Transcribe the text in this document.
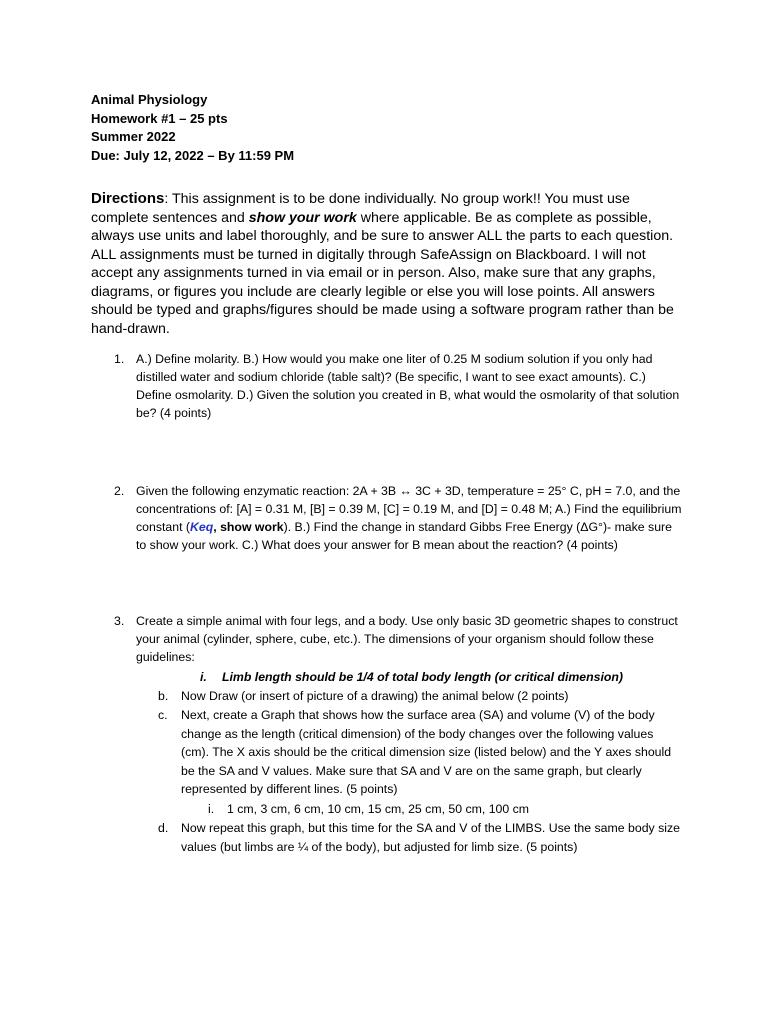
Animal Physiology
Homework #1 – 25 pts
Summer 2022
Due: July 12, 2022 – By 11:59 PM
Directions: This assignment is to be done individually. No group work!! You must use complete sentences and show your work where applicable. Be as complete as possible, always use units and label thoroughly, and be sure to answer ALL the parts to each question. ALL assignments must be turned in digitally through SafeAssign on Blackboard. I will not accept any assignments turned in via email or in person. Also, make sure that any graphs, diagrams, or figures you include are clearly legible or else you will lose points. All answers should be typed and graphs/figures should be made using a software program rather than be hand-drawn.
1. A.) Define molarity. B.) How would you make one liter of 0.25 M sodium solution if you only had distilled water and sodium chloride (table salt)? (Be specific, I want to see exact amounts). C.) Define osmolarity. D.) Given the solution you created in B, what would the osmolarity of that solution be? (4 points)
2. Given the following enzymatic reaction: 2A + 3B ↔ 3C + 3D, temperature = 25° C, pH = 7.0, and the concentrations of: [A] = 0.31 M, [B] = 0.39 M, [C] = 0.19 M, and [D] = 0.48 M; A.) Find the equilibrium constant (Keq, show work). B.) Find the change in standard Gibbs Free Energy (ΔG°)- make sure to show your work. C.) What does your answer for B mean about the reaction? (4 points)
3. Create a simple animal with four legs, and a body. Use only basic 3D geometric shapes to construct your animal (cylinder, sphere, cube, etc.). The dimensions of your organism should follow these guidelines:
i. Limb length should be 1/4 of total body length (or critical dimension)
b. Now Draw (or insert of picture of a drawing) the animal below (2 points)
c. Next, create a Graph that shows how the surface area (SA) and volume (V) of the body change as the length (critical dimension) of the body changes over the following values (cm). The X axis should be the critical dimension size (listed below) and the Y axes should be the SA and V values. Make sure that SA and V are on the same graph, but clearly represented by different lines. (5 points)
i. 1 cm, 3 cm, 6 cm, 10 cm, 15 cm, 25 cm, 50 cm, 100 cm
d. Now repeat this graph, but this time for the SA and V of the LIMBS. Use the same body size values (but limbs are ¼ of the body), but adjusted for limb size. (5 points)
